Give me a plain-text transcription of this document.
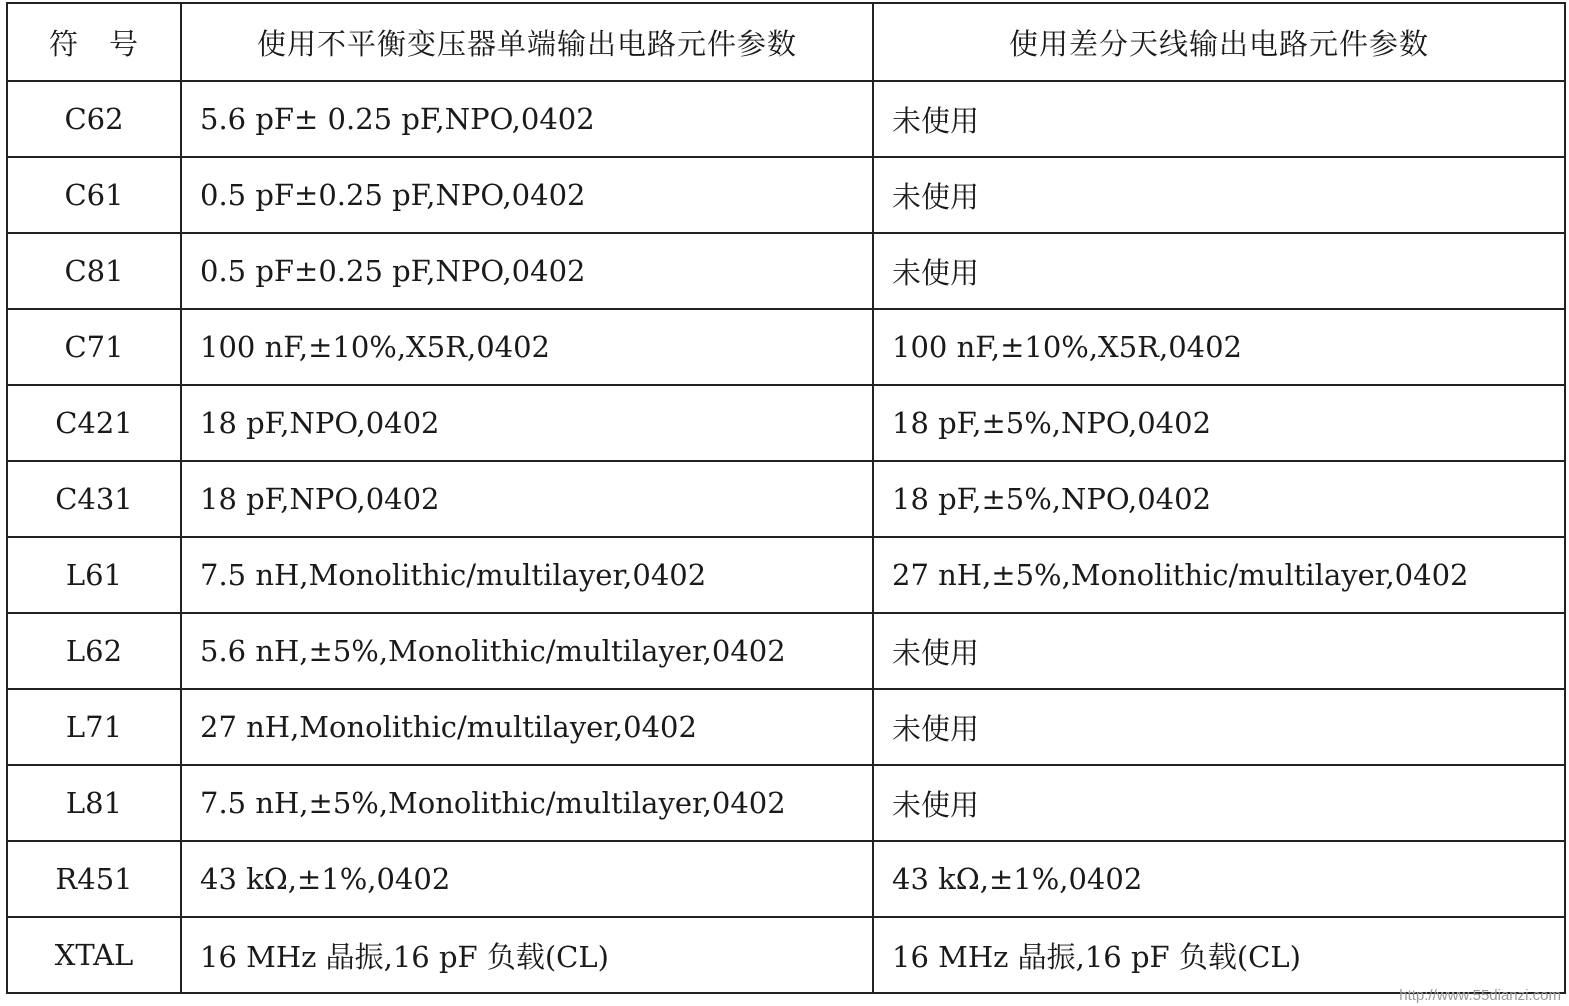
符　号	使用不平衡变压器单端输出电路元件参数	使用差分天线输出电路元件参数
C62	5.6 pF± 0.25 pF,NPO,0402	未使用
C61	0.5 pF±0.25 pF,NPO,0402	未使用
C81	0.5 pF±0.25 pF,NPO,0402	未使用
C71	100 nF,±10%,X5R,0402	100 nF,±10%,X5R,0402
C421	18 pF,NPO,0402	18 pF,±5%,NPO,0402
C431	18 pF,NPO,0402	18 pF,±5%,NPO,0402
L61	7.5 nH,Monolithic/multilayer,0402	27 nH,±5%,Monolithic/multilayer,0402
L62	5.6 nH,±5%,Monolithic/multilayer,0402	未使用
L71	27 nH,Monolithic/multilayer,0402	未使用
L81	7.5 nH,±5%,Monolithic/multilayer,0402	未使用
R451	43 kΩ,±1%,0402	43 kΩ,±1%,0402
XTAL	16 MHz 晶振,16 pF 负载(CL)	16 MHz 晶振,16 pF 负载(CL)
http://www.55dianzi.com
